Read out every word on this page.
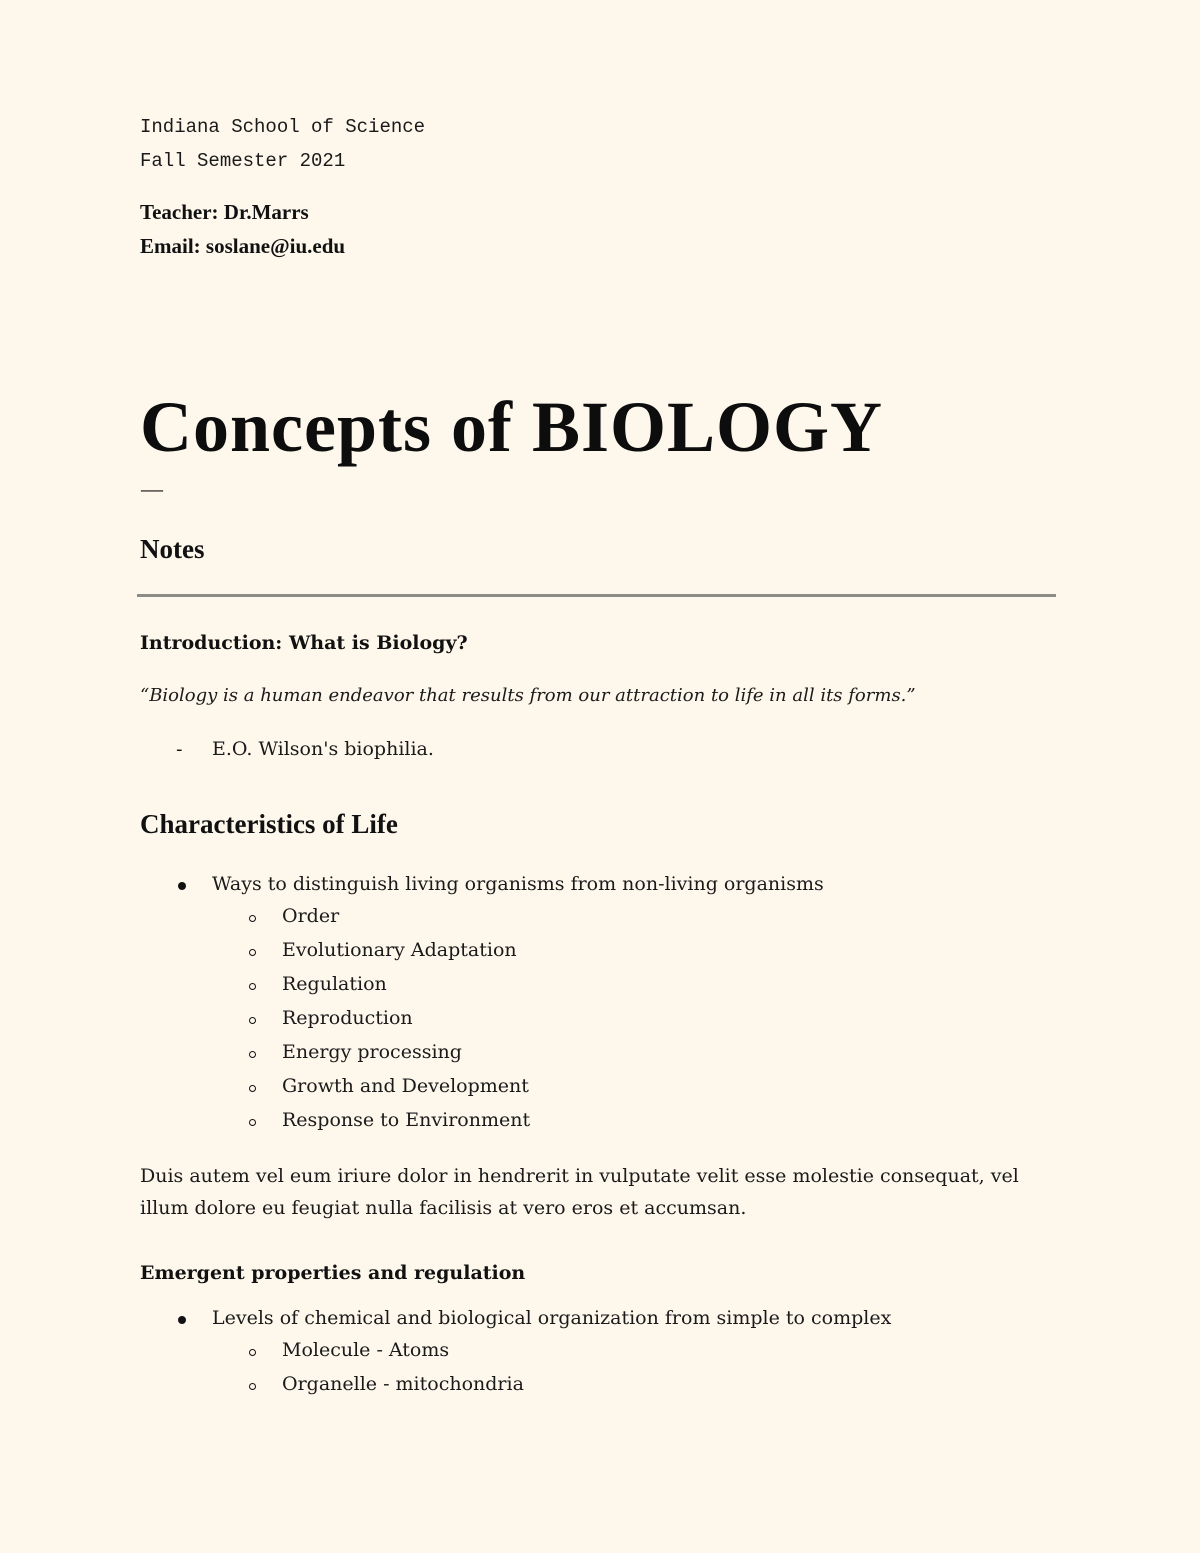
Indiana School of Science
Fall Semester 2021
Teacher: Dr.Marrs
Email: soslane@iu.edu
Concepts of BIOLOGY
—
Notes
Introduction: What is Biology?
“Biology is a human endeavor that results from our attraction to life in all its forms.”
- E.O. Wilson's biophilia.
Characteristics of Life
Ways to distinguish living organisms from non-living organisms
Order
Evolutionary Adaptation
Regulation
Reproduction
Energy processing
Growth and Development
Response to Environment
Duis autem vel eum iriure dolor in hendrerit in vulputate velit esse molestie consequat, vel illum dolore eu feugiat nulla facilisis at vero eros et accumsan.
Emergent properties and regulation
Levels of chemical and biological organization from simple to complex
Molecule - Atoms
Organelle - mitochondria
